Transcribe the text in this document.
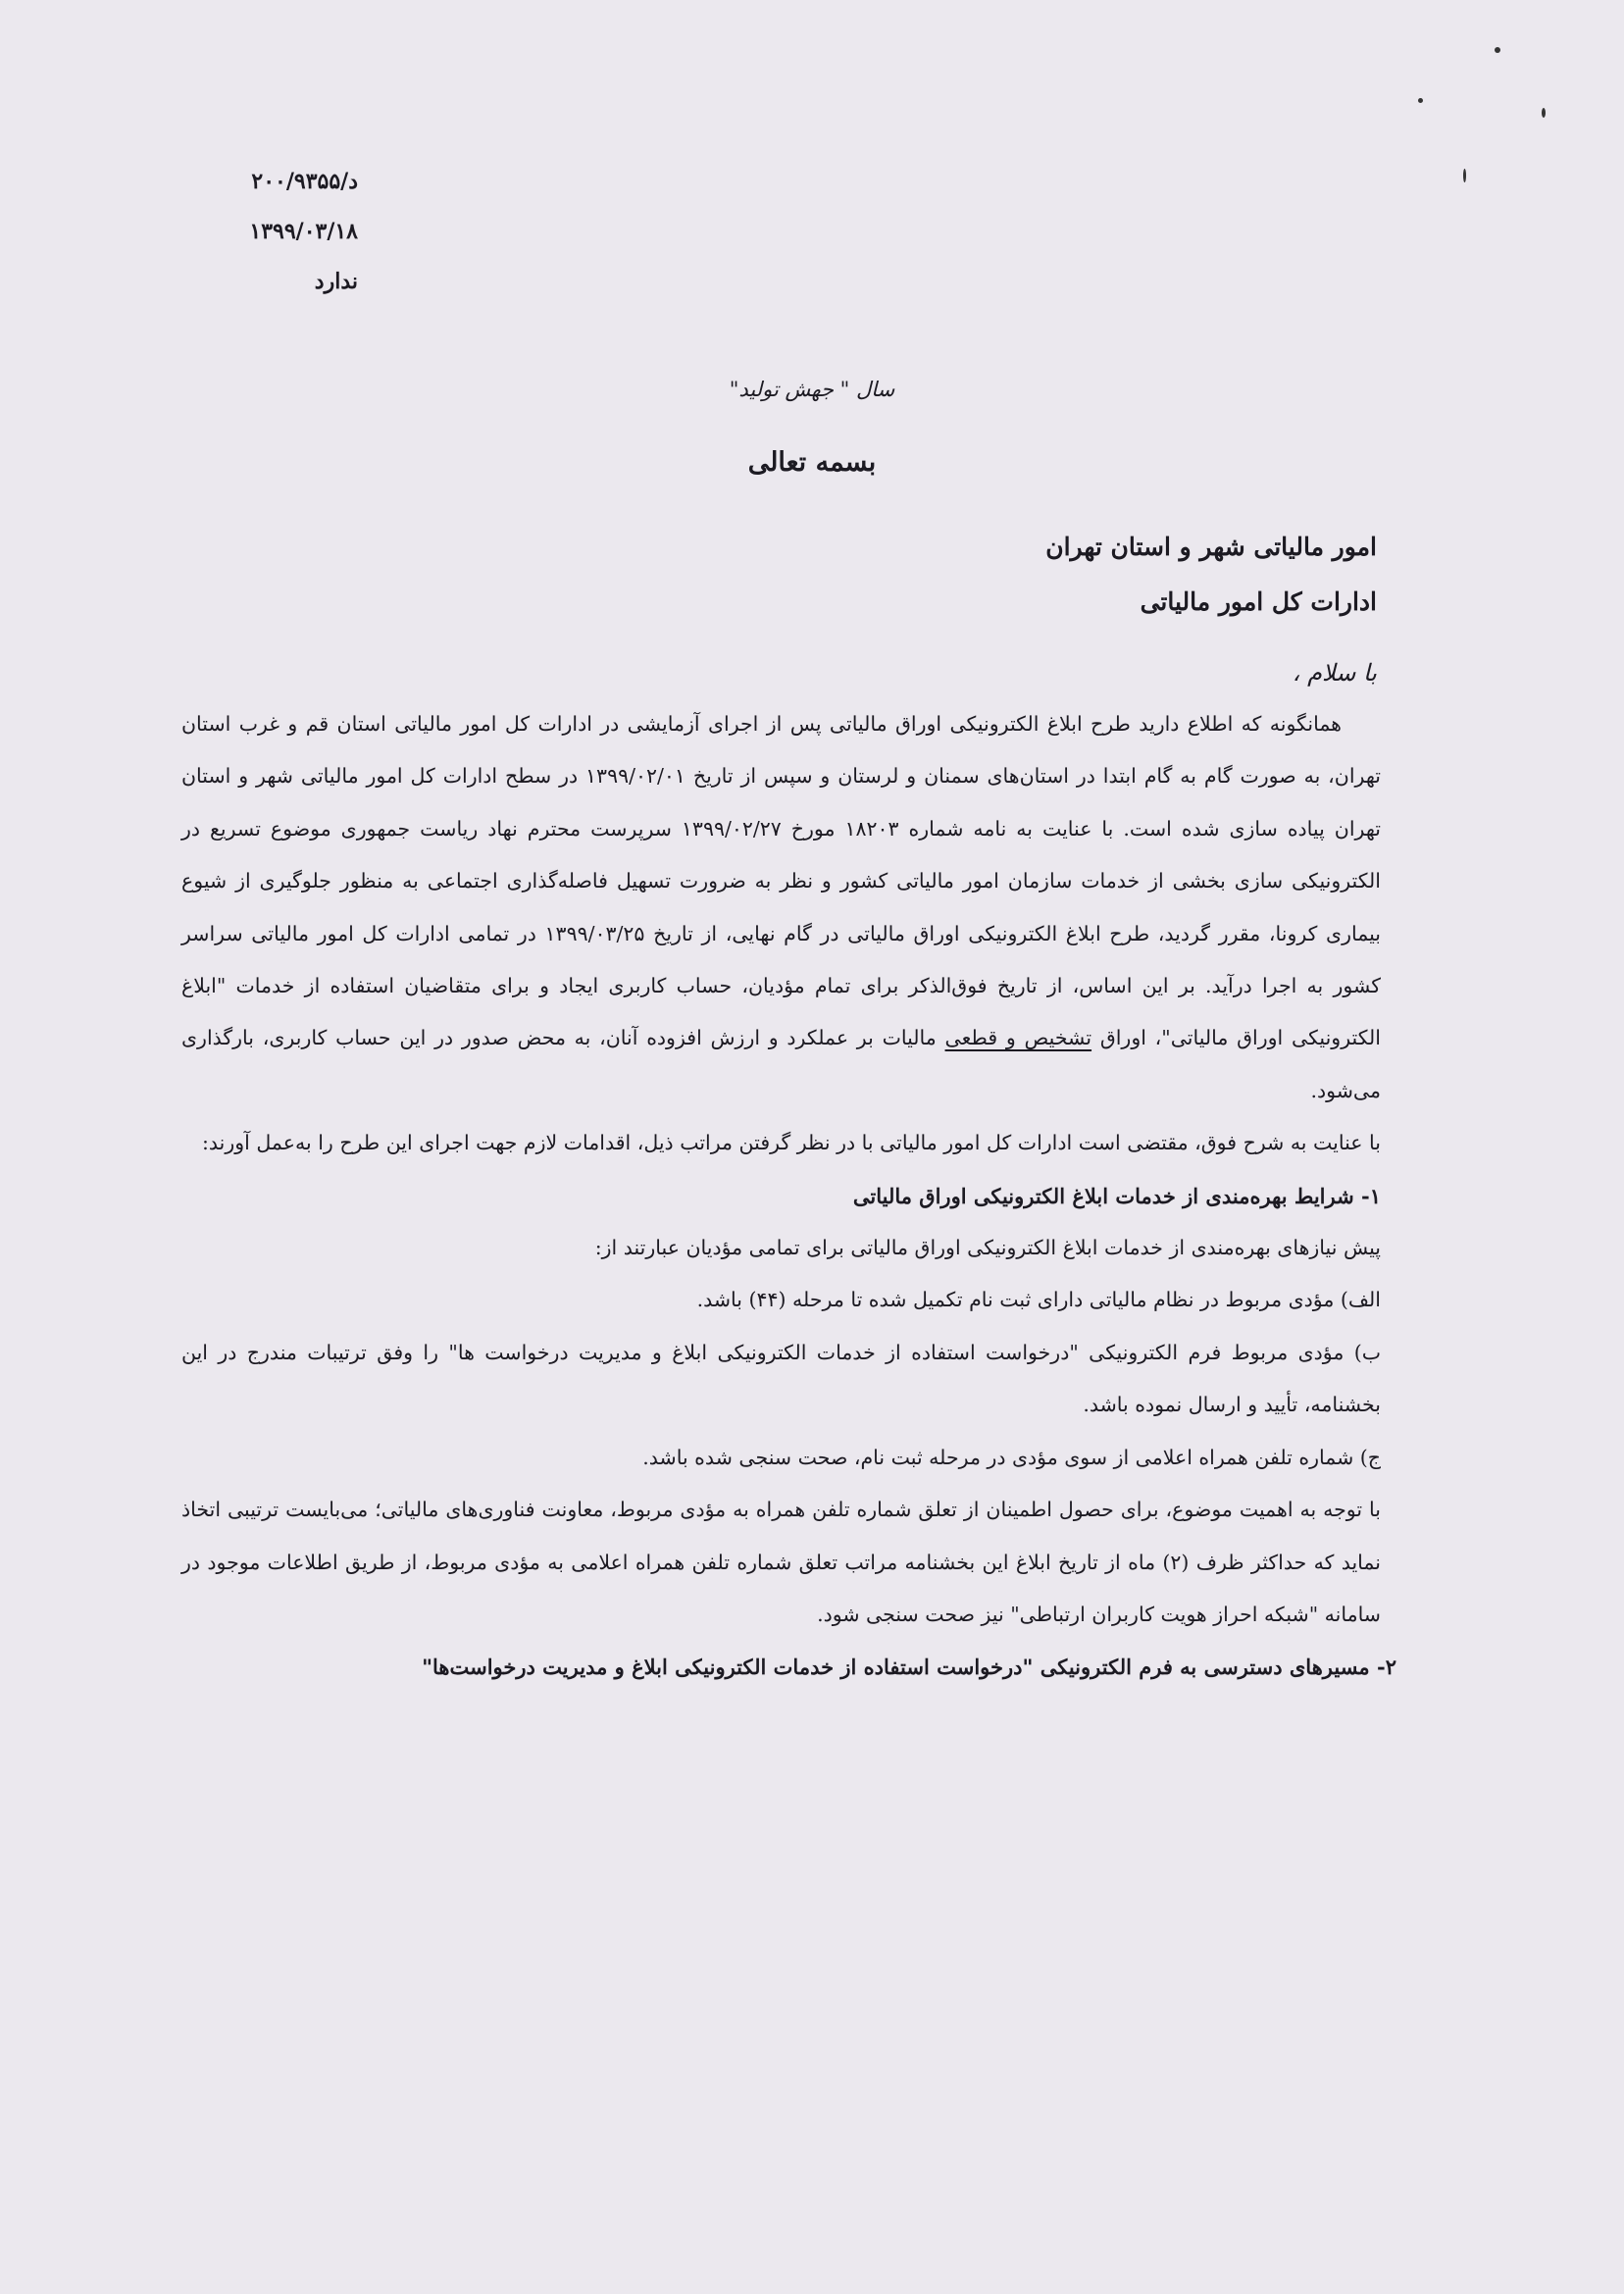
د/۲۰۰/۹۳۵۵
۱۳۹۹/۰۳/۱۸
ندارد
سال " جهش تولید"
بسمه تعالی
امور مالیاتی شهر و استان تهران
ادارات کل امور مالیاتی
با سلام ،

همانگونه که اطلاع دارید طرح ابلاغ الکترونیکی اوراق مالیاتی پس از اجرای آزمایشی در ادارات کل امور مالیاتی استان قم و غرب استان تهران، به صورت گام به گام ابتدا در استان‌های سمنان و لرستان و سپس از تاریخ ۱۳۹۹/۰۲/۰۱ در سطح ادارات کل امور مالیاتی شهر و استان تهران پیاده سازی شده است. با عنایت به نامه شماره ۱۸۲۰۳ مورخ ۱۳۹۹/۰۲/۲۷ سرپرست محترم نهاد ریاست جمهوری موضوع تسریع در الکترونیکی سازی بخشی از خدمات سازمان امور مالیاتی کشور و نظر به ضرورت تسهیل فاصله‌گذاری اجتماعی به منظور جلوگیری از شیوع بیماری کرونا، مقرر گردید، طرح ابلاغ الکترونیکی اوراق مالیاتی در گام نهایی، از تاریخ ۱۳۹۹/۰۳/۲۵ در تمامی ادارات کل امور مالیاتی سراسر کشور به اجرا درآید. بر این اساس، از تاریخ فوق‌الذکر برای تمام مؤدیان، حساب کاربری ایجاد و برای متقاضیان استفاده از خدمات "ابلاغ الکترونیکی اوراق مالیاتی"، اوراق تشخیص و قطعی مالیات بر عملکرد و ارزش افزوده آنان، به محض صدور در این حساب کاربری، بارگذاری می‌شود.

با عنایت به شرح فوق، مقتضی است ادارات کل امور مالیاتی با در نظر گرفتن مراتب ذیل، اقدامات لازم جهت اجرای این طرح را به‌عمل آورند:

۱- شرایط بهره‌مندی از خدمات ابلاغ الکترونیکی اوراق مالیاتی

پیش نیازهای بهره‌مندی از خدمات ابلاغ الکترونیکی اوراق مالیاتی برای تمامی مؤدیان عبارتند از:

الف) مؤدی مربوط در نظام مالیاتی دارای ثبت نام تکمیل شده تا مرحله (۴۴) باشد.

ب) مؤدی مربوط فرم الکترونیکی "درخواست استفاده از خدمات الکترونیکی ابلاغ و مدیریت درخواست ها" را وفق ترتیبات مندرج در این بخشنامه، تأیید و ارسال نموده باشد.

ج) شماره تلفن همراه اعلامی از سوی مؤدی در مرحله ثبت نام، صحت سنجی شده باشد.

با توجه به اهمیت موضوع، برای حصول اطمینان از تعلق شماره تلفن همراه به مؤدی مربوط، معاونت فناوری‌های مالیاتی؛ می‌بایست ترتیبی اتخاذ نماید که حداکثر ظرف (۲) ماه از تاریخ ابلاغ این بخشنامه مراتب تعلق شماره تلفن همراه اعلامی به مؤدی مربوط، از طریق اطلاعات موجود در سامانه "شبکه احراز هویت کاربران ارتباطی" نیز صحت سنجی شود.

۲- مسیرهای دسترسی به فرم الکترونیکی "درخواست استفاده از خدمات الکترونیکی ابلاغ و مدیریت درخواست‌ها"
